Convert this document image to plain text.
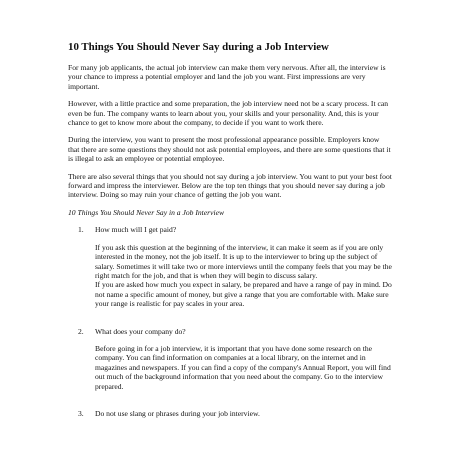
10 Things You Should Never Say during a Job Interview

For many job applicants, the actual job interview can make them very nervous. After all, the interview is your chance to impress a potential employer and land the job you want. First impressions are very important.

However, with a little practice and some preparation, the job interview need not be a scary process. It can even be fun. The company wants to learn about you, your skills and your personality. And, this is your chance to get to know more about the company, to decide if you want to work there.

During the interview, you want to present the most professional appearance possible. Employers know that there are some questions they should not ask potential employees, and there are some questions that it is illegal to ask an employee or potential employee.

There are also several things that you should not say during a job interview. You want to put your best foot forward and impress the interviewer. Below are the top ten things that you should never say during a job interview. Doing so may ruin your chance of getting the job you want.

10 Things You Should Never Say in a Job Interview
1.	How much will I get paid?

If you ask this question at the beginning of the interview, it can make it seem as if you are only interested in the money, not the job itself. It is up to the interviewer to bring up the subject of salary. Sometimes it will take two or more interviews until the company feels that you may be the right match for the job, and that is when they will begin to discuss salary.

If you are asked how much you expect in salary, be prepared and have a range of pay in mind. Do not name a specific amount of money, but give a range that you are comfortable with. Make sure your range is realistic for pay scales in your area.

2.	What does your company do?

Before going in for a job interview, it is important that you have done some research on the company. You can find information on companies at a local library, on the internet and in magazines and newspapers. If you can find a copy of the company's Annual Report, you will find out much of the background information that you need about the company. Go to the interview prepared.

3.	Do not use slang or phrases during your job interview.
